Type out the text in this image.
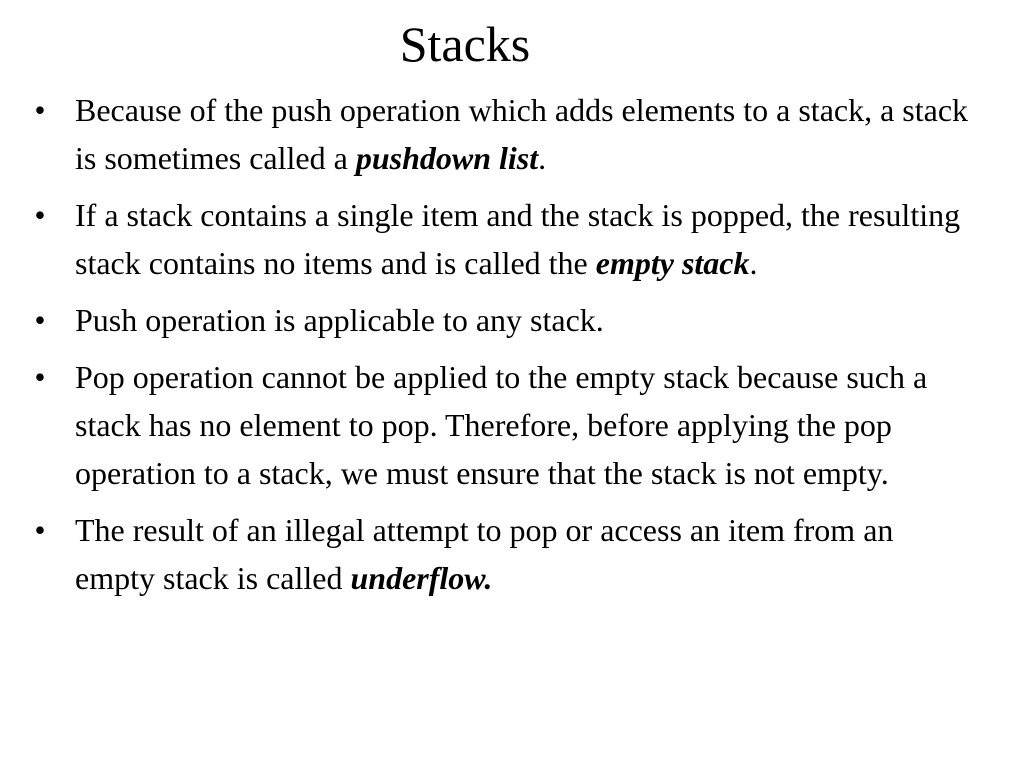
Stacks
• Because of the push operation which adds elements to a stack, a stack is sometimes called a pushdown list.
• If a stack contains a single item and the stack is popped, the resulting stack contains no items and is called the empty stack.
• Push operation is applicable to any stack.
• Pop operation cannot be applied to the empty stack because such a stack has no element to pop. Therefore, before applying the pop operation to a stack, we must ensure that the stack is not empty.
• The result of an illegal attempt to pop or access an item from an empty stack is called underflow.
